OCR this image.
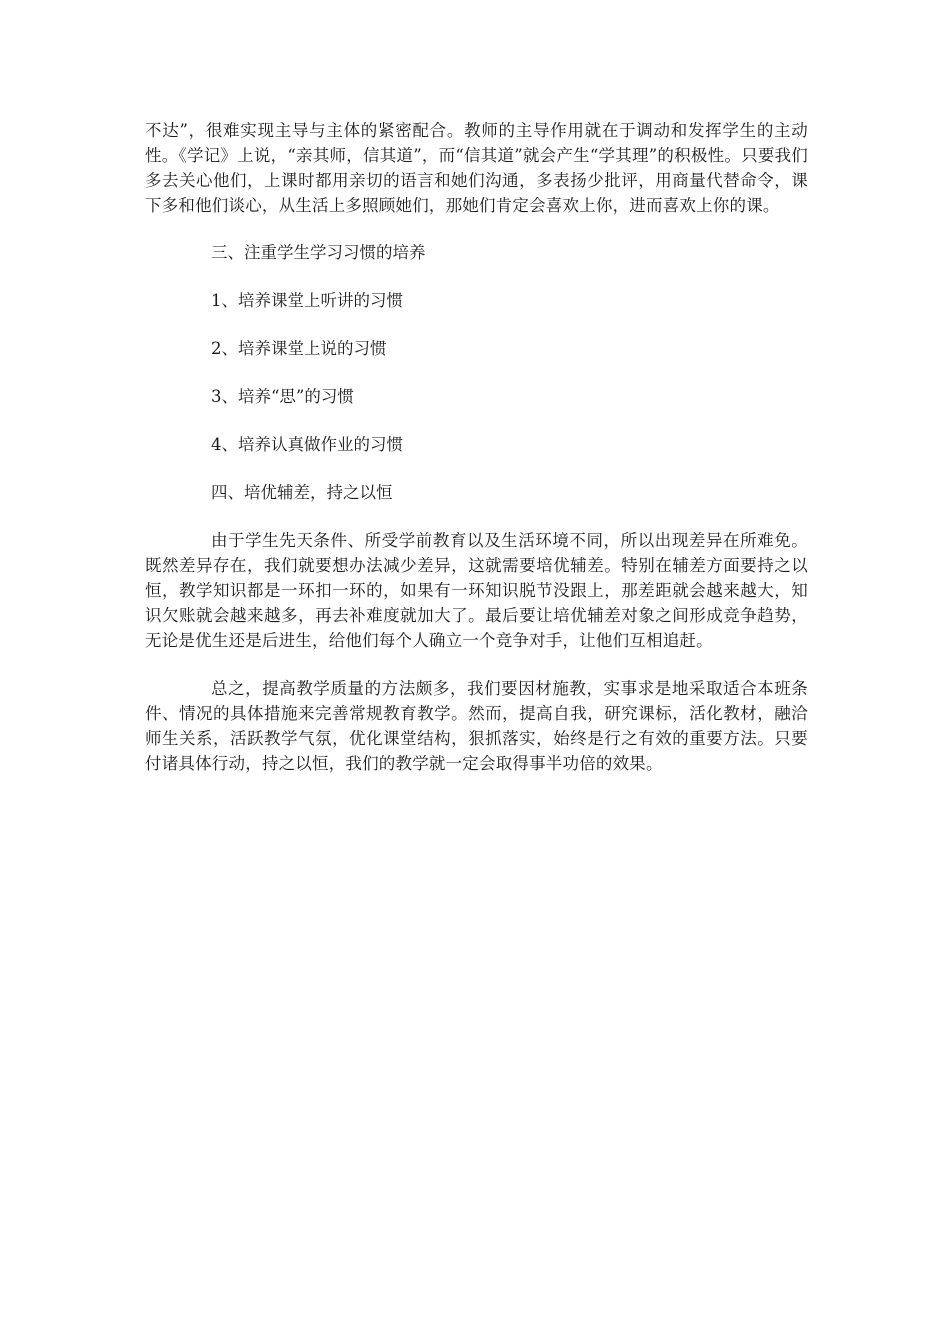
不达”，很难实现主导与主体的紧密配合。教师的主导作用就在于调动和发挥学生的主动性。《学记》上说，“亲其师，信其道”，而“信其道”就会产生“学其理”的积极性。只要我们多去关心他们，上课时都用亲切的语言和她们沟通，多表扬少批评，用商量代替命令，课下多和他们谈心，从生活上多照顾她们，那她们肯定会喜欢上你，进而喜欢上你的课。

三、注重学生学习习惯的培养

1、培养课堂上听讲的习惯

2、培养课堂上说的习惯

3、培养“思”的习惯

4、培养认真做作业的习惯

四、培优辅差，持之以恒

由于学生先天条件、所受学前教育以及生活环境不同，所以出现差异在所难免。既然差异存在，我们就要想办法减少差异，这就需要培优辅差。特别在辅差方面要持之以恒，教学知识都是一环扣一环的，如果有一环知识脱节没跟上，那差距就会越来越大，知识欠账就会越来越多，再去补难度就加大了。最后要让培优辅差对象之间形成竞争趋势，无论是优生还是后进生，给他们每个人确立一个竞争对手，让他们互相追赶。

总之，提高教学质量的方法颇多，我们要因材施教，实事求是地采取适合本班条件、情况的具体措施来完善常规教育教学。然而，提高自我，研究课标，活化教材，融洽师生关系，活跃教学气氛，优化课堂结构，狠抓落实，始终是行之有效的重要方法。只要付诸具体行动，持之以恒，我们的教学就一定会取得事半功倍的效果。
